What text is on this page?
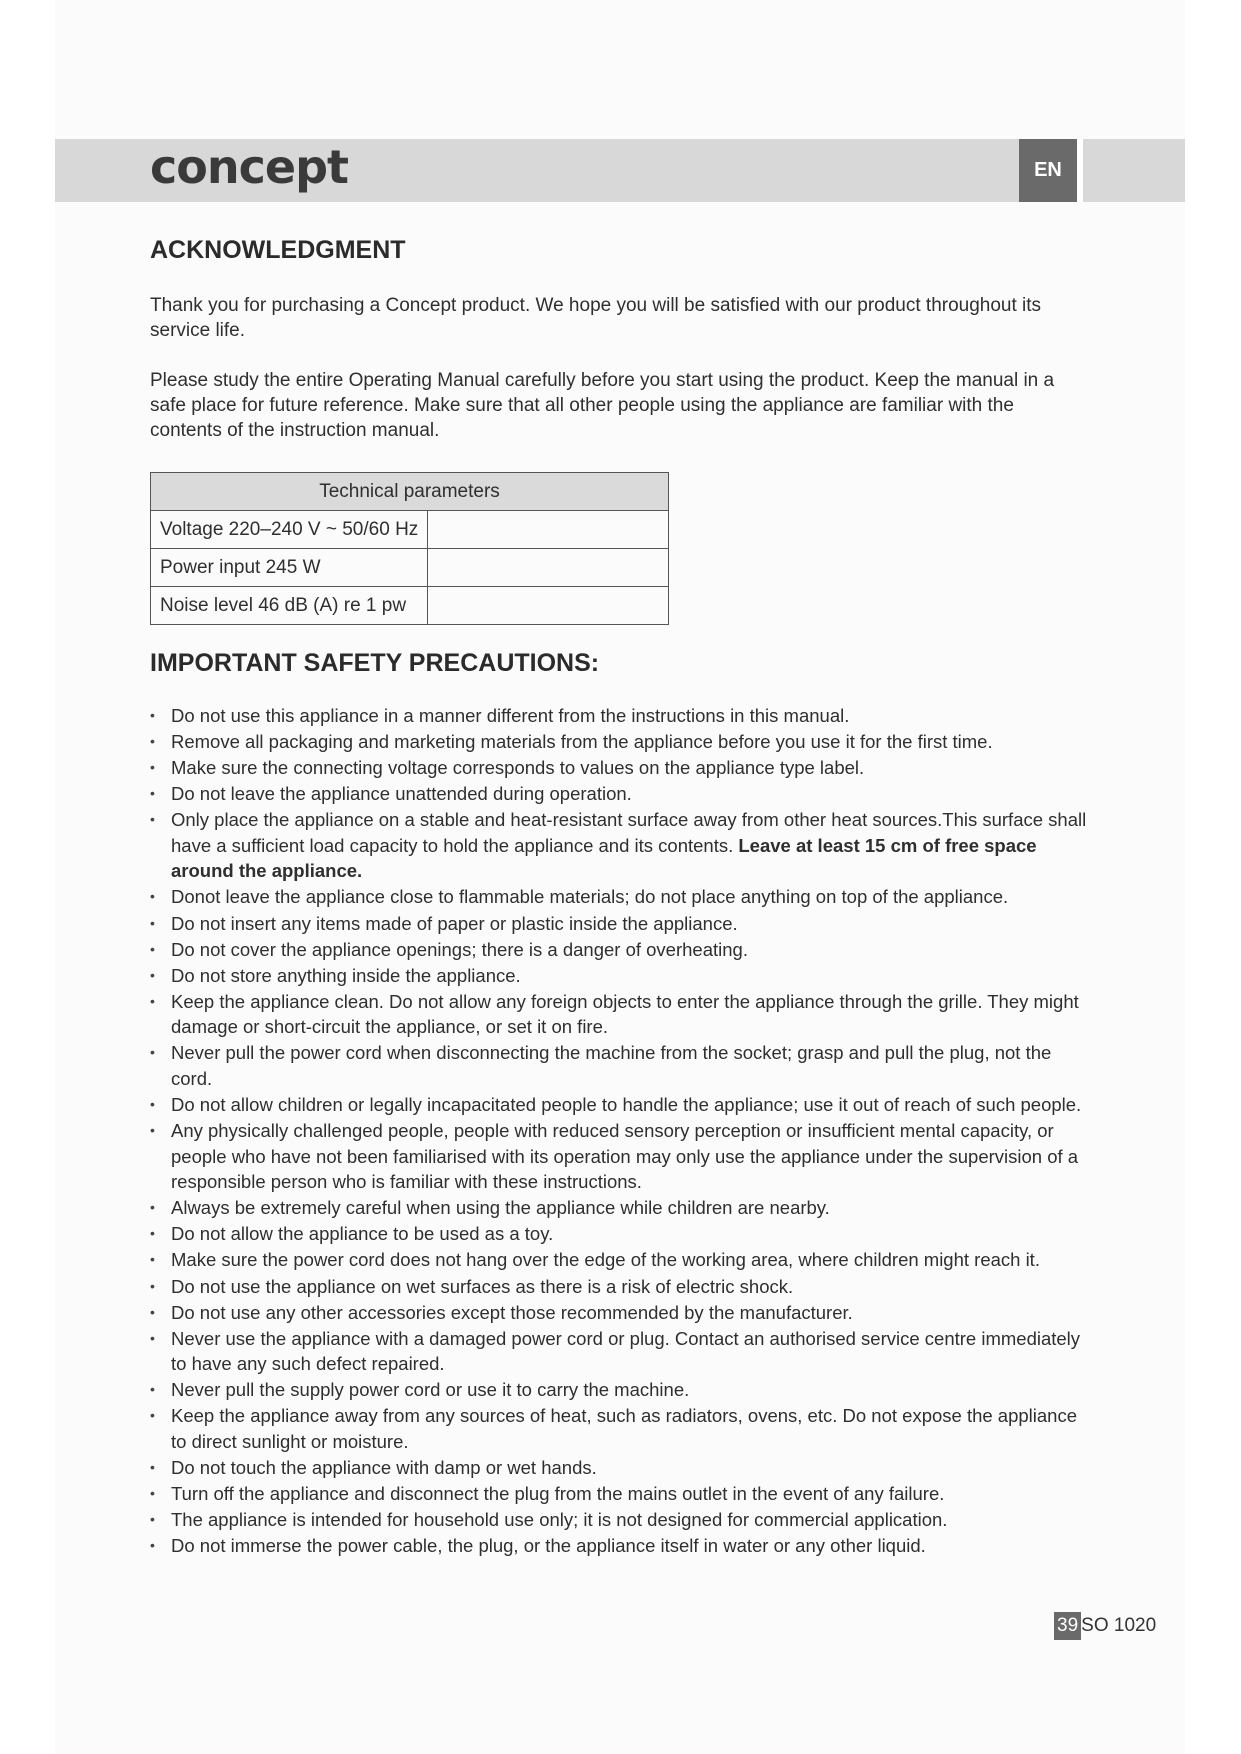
concept	EN
ACKNOWLEDGMENT

Thank you for purchasing a Concept product. We hope you will be satisfied with our product throughout its service life.

Please study the entire Operating Manual carefully before you start using the product. Keep the manual in a safe place for future reference. Make sure that all other people using the appliance are familiar with the contents of the instruction manual.

Technical parameters	
Voltage 220–240 V ~ 50/60 Hz	
Power input 245 W	
Noise level 46 dB (A) re 1 pw	
IMPORTANT SAFETY PRECAUTIONS:
• Do not use this appliance in a manner different from the instructions in this manual.
• Remove all packaging and marketing materials from the appliance before you use it for the first time.
• Make sure the connecting voltage corresponds to values on the appliance type label.
• Do not leave the appliance unattended during operation.
• Only place the appliance on a stable and heat-resistant surface away from other heat sources.This surface shall have a sufficient load capacity to hold the appliance and its contents. Leave at least 15 cm of free space around the appliance.
• Donot leave the appliance close to flammable materials; do not place anything on top of the appliance.
• Do not insert any items made of paper or plastic inside the appliance.
• Do not cover the appliance openings; there is a danger of overheating.
• Do not store anything inside the appliance.
• Keep the appliance clean. Do not allow any foreign objects to enter the appliance through the grille. They might damage or short-circuit the appliance, or set it on fire.
• Never pull the power cord when disconnecting the machine from the socket; grasp and pull the plug, not the cord.
• Do not allow children or legally incapacitated people to handle the appliance; use it out of reach of such people.
• Any physically challenged people, people with reduced sensory perception or insufficient mental capacity, or people who have not been familiarised with its operation may only use the appliance under the supervision of a responsible person who is familiar with these instructions.
• Always be extremely careful when using the appliance while children are nearby.
• Do not allow the appliance to be used as a toy.
• Make sure the power cord does not hang over the edge of the working area, where children might reach it.
• Do not use the appliance on wet surfaces as there is a risk of electric shock.
• Do not use any other accessories except those recommended by the manufacturer.
• Never use the appliance with a damaged power cord or plug. Contact an authorised service centre immediately to have any such defect repaired.
• Never pull the supply power cord or use it to carry the machine.
• Keep the appliance away from any sources of heat, such as radiators, ovens, etc. Do not expose the appliance to direct sunlight or moisture.
• Do not touch the appliance with damp or wet hands.
• Turn off the appliance and disconnect the plug from the mains outlet in the event of any failure.
• The appliance is intended for household use only; it is not designed for commercial application.
• Do not immerse the power cable, the plug, or the appliance itself in water or any other liquid.
39 SO 1020
